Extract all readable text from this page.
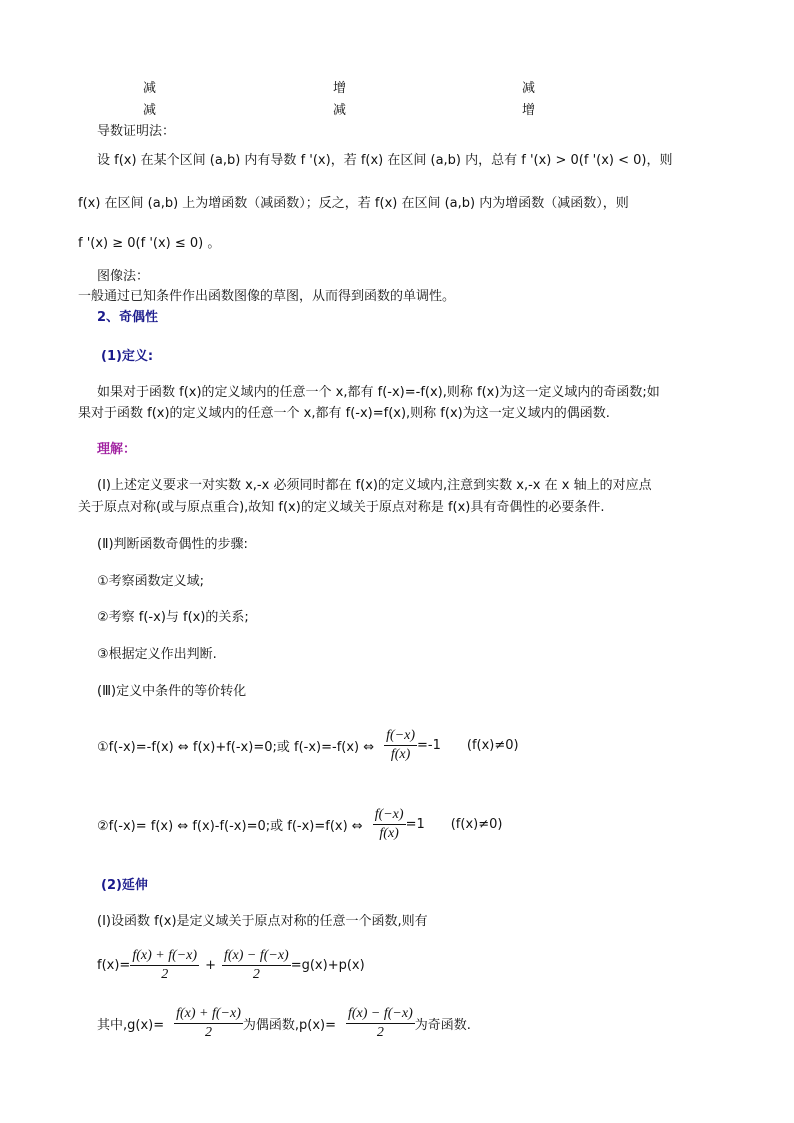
减	增	减
减	减	增
导数证明法：
设 f(x) 在某个区间 (a,b) 内有导数 f '(x)，若 f(x) 在区间 (a,b) 内，总有 f '(x) > 0(f '(x) < 0)，则
f(x) 在区间 (a,b) 上为增函数（减函数）；反之，若 f(x) 在区间 (a,b) 内为增函数（减函数），则
f '(x) ≥ 0(f '(x) ≤ 0) 。
图像法：
一般通过已知条件作出函数图像的草图，从而得到函数的单调性。
2、奇偶性
(1)定义:
如果对于函数 f(x)的定义域内的任意一个 x,都有 f(-x)=-f(x),则称 f(x)为这一定义域内的奇函数;如
果对于函数 f(x)的定义域内的任意一个 x,都有 f(-x)=f(x),则称 f(x)为这一定义域内的偶函数.
理解：
(Ⅰ)上述定义要求一对实数 x,-x 必须同时都在 f(x)的定义域内,注意到实数 x,-x 在 x 轴上的对应点
关于原点对称(或与原点重合),故知 f(x)的定义域关于原点对称是 f(x)具有奇偶性的必要条件.
(Ⅱ)判断函数奇偶性的步骤:
①考察函数定义域;
②考察 f(-x)与 f(x)的关系;
③根据定义作出判断.
(Ⅲ)定义中条件的等价转化
①f(-x)=-f(x) ⇔ f(x)+f(-x)=0;或 f(-x)=-f(x) ⇔ $\frac{f(-x)}{f(x)} =-1$ (f(x)≠0)
②f(-x)= f(x) ⇔ f(x)-f(-x)=0;或 f(-x)=f(x) ⇔ $\frac{f(-x)}{f(x)} =1$ (f(x)≠0)
(2)延伸
(Ⅰ)设函数 f(x)是定义域关于原点对称的任意一个函数,则有
$f(x)= \frac{f(x) + f(-x)}{2} + \frac{f(x) - f(-x)}{2} =g(x)+p(x)$
其中$,g(x)= \frac{f(x) + f(-x)}{2}$ 为偶函数$,p(x)= \frac{f(x) - f(-x)}{2}$ 为奇函数.
